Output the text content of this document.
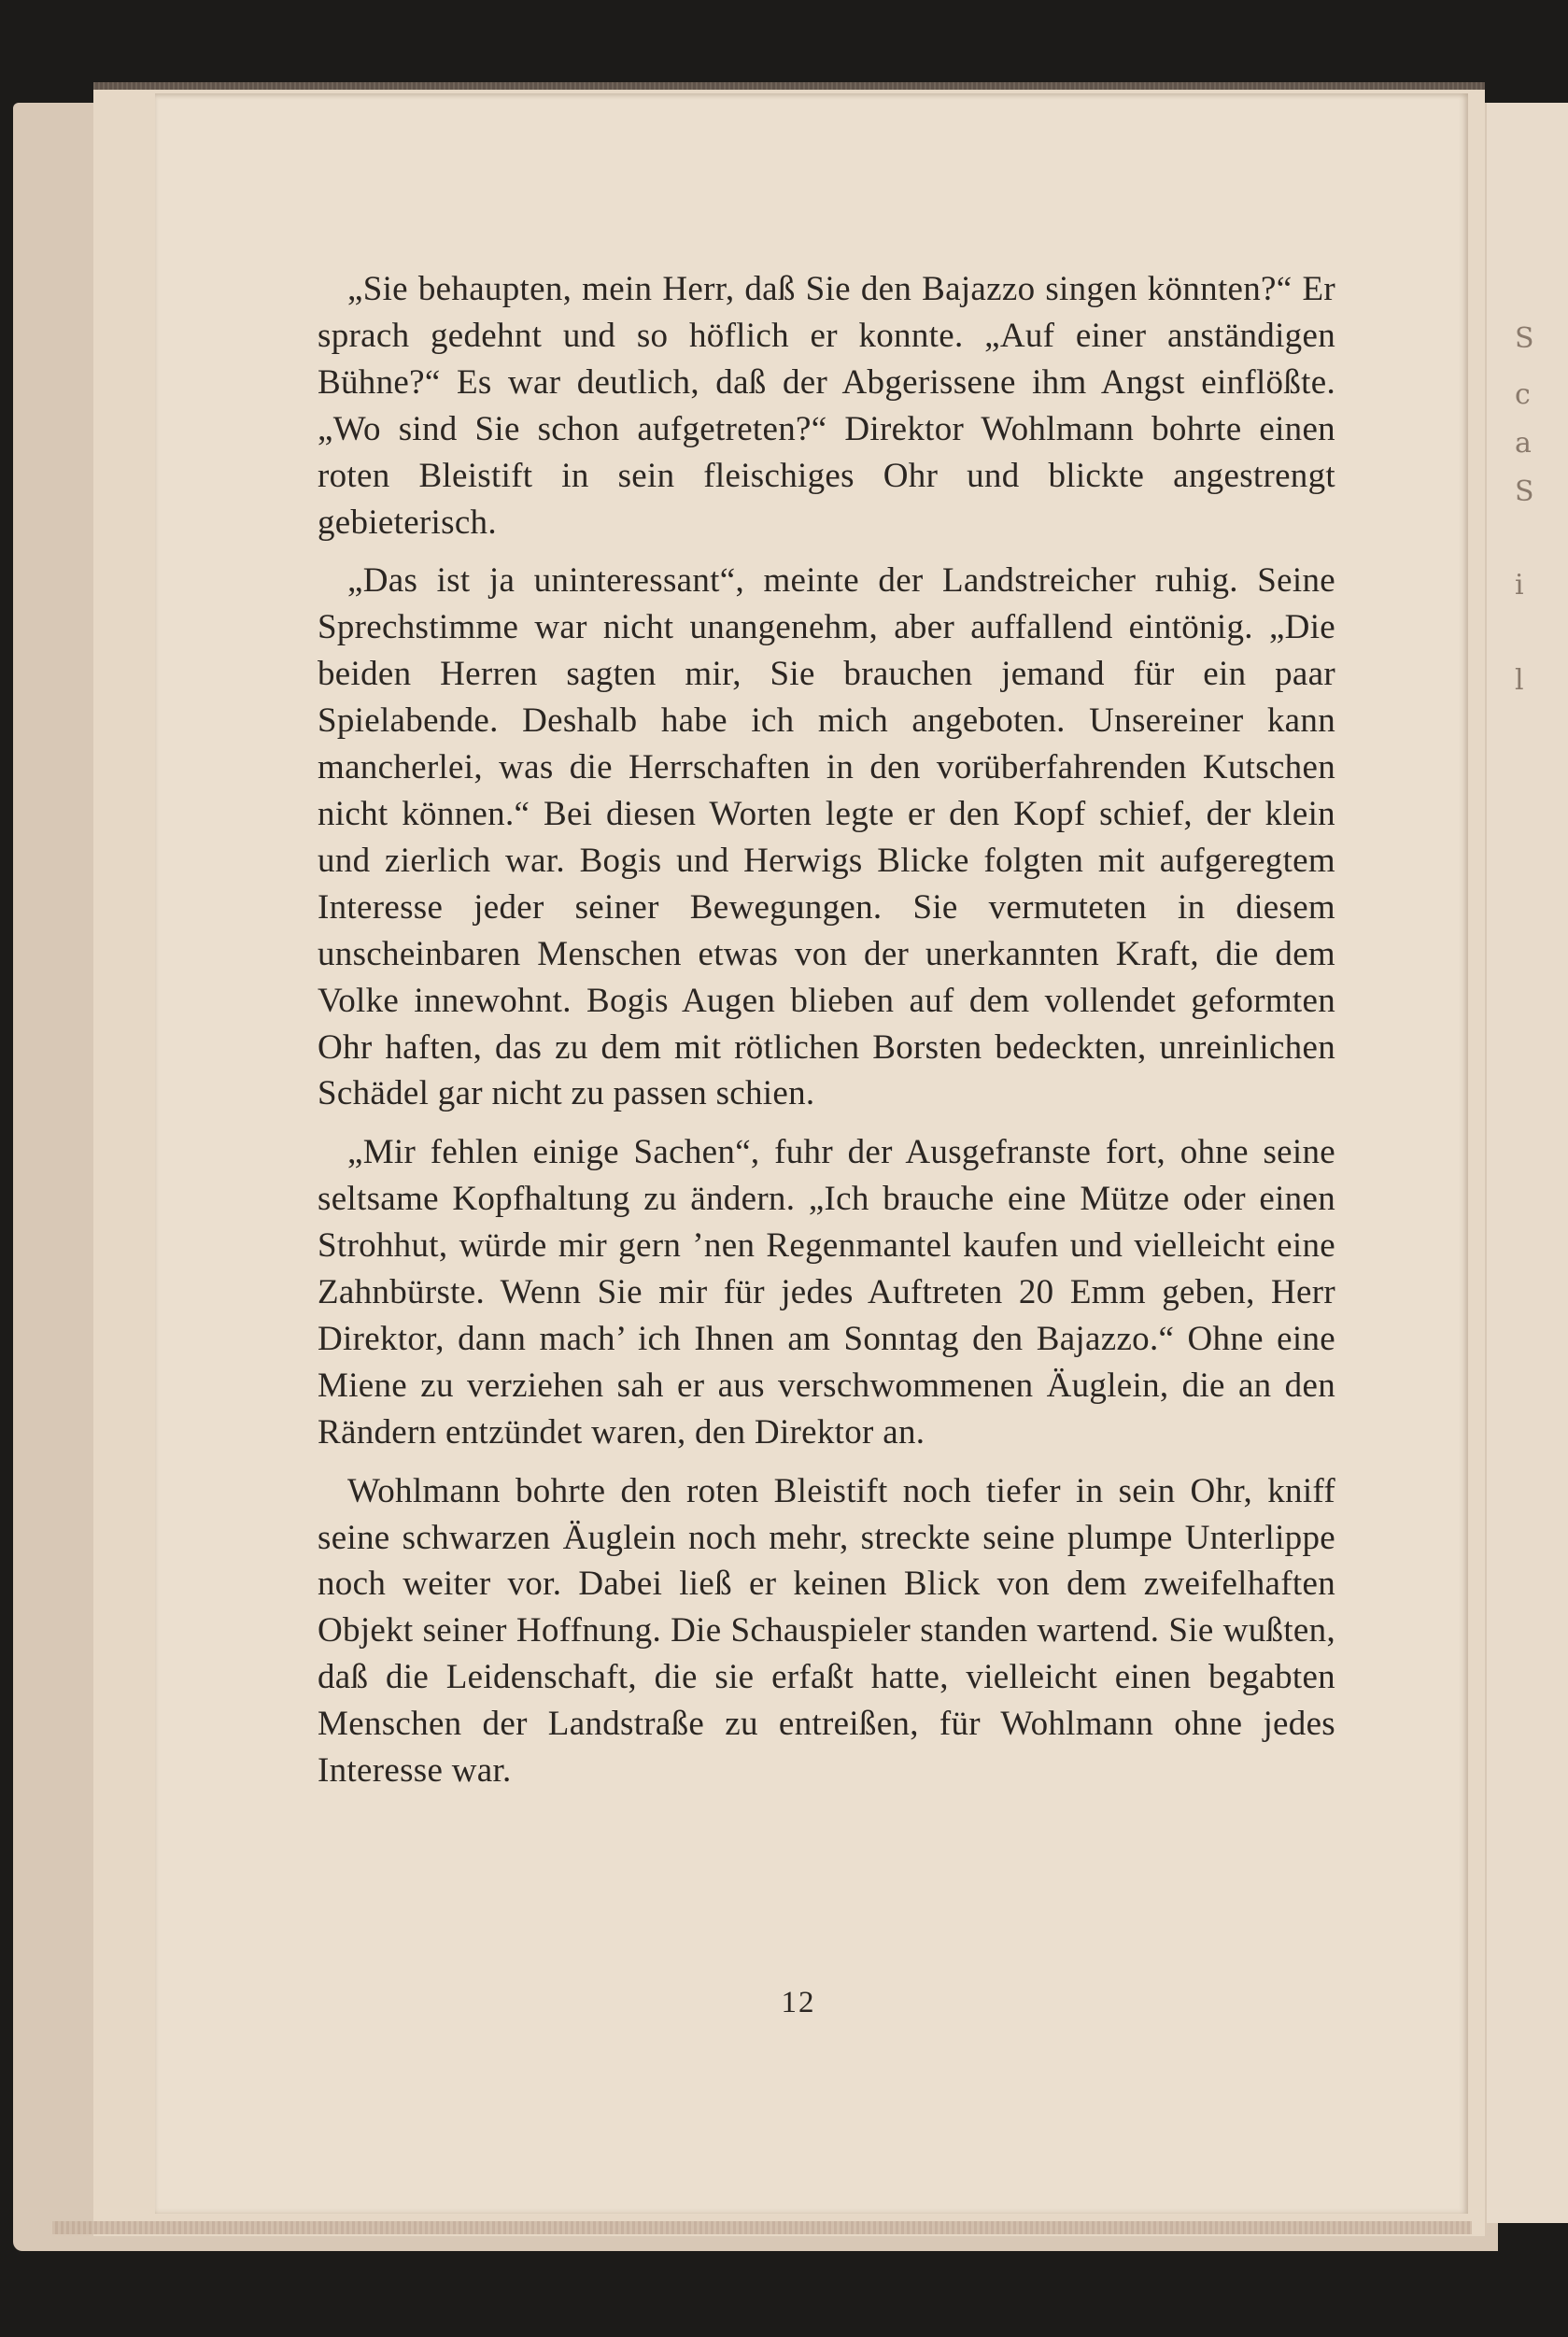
S
c
a
S
i
l

„Sie behaupten, mein Herr, daß Sie den Bajazzo singen könnten?“ Er sprach gedehnt und so höflich er konnte. „Auf einer anständigen Bühne?“ Es war deutlich, daß der Abgerissene ihm Angst einflößte. „Wo sind Sie schon aufgetreten?“ Direktor Wohlmann bohrte einen roten Bleistift in sein fleischiges Ohr und blickte angestrengt gebieterisch.

„Das ist ja uninteressant“, meinte der Landstreicher ruhig. Seine Sprechstimme war nicht unangenehm, aber auffallend eintönig. „Die beiden Herren sagten mir, Sie brauchen jemand für ein paar Spielabende. Deshalb habe ich mich angeboten. Unsereiner kann mancherlei, was die Herrschaften in den vorüberfahrenden Kutschen nicht können.“ Bei diesen Worten legte er den Kopf schief, der klein und zierlich war. Bogis und Herwigs Blicke folgten mit aufgeregtem Interesse jeder seiner Bewegungen. Sie vermuteten in diesem unscheinbaren Menschen etwas von der unerkannten Kraft, die dem Volke innewohnt. Bogis Augen blieben auf dem vollendet geformten Ohr haften, das zu dem mit rötlichen Borsten bedeckten, unreinlichen Schädel gar nicht zu passen schien.

„Mir fehlen einige Sachen“, fuhr der Ausgefranste fort, ohne seine seltsame Kopfhaltung zu ändern. „Ich brauche eine Mütze oder einen Strohhut, würde mir gern ’nen Regenmantel kaufen und vielleicht eine Zahnbürste. Wenn Sie mir für jedes Auftreten 20 Emm geben, Herr Direktor, dann mach’ ich Ihnen am Sonntag den Bajazzo.“ Ohne eine Miene zu verziehen sah er aus verschwommenen Äuglein, die an den Rändern entzündet waren, den Direktor an.

Wohlmann bohrte den roten Bleistift noch tiefer in sein Ohr, kniff seine schwarzen Äuglein noch mehr, streckte seine plumpe Unterlippe noch weiter vor. Dabei ließ er keinen Blick von dem zweifelhaften Objekt seiner Hoffnung. Die Schauspieler standen wartend. Sie wußten, daß die Leidenschaft, die sie erfaßt hatte, vielleicht einen begabten Menschen der Landstraße zu entreißen, für Wohlmann ohne jedes Interesse war.

12
